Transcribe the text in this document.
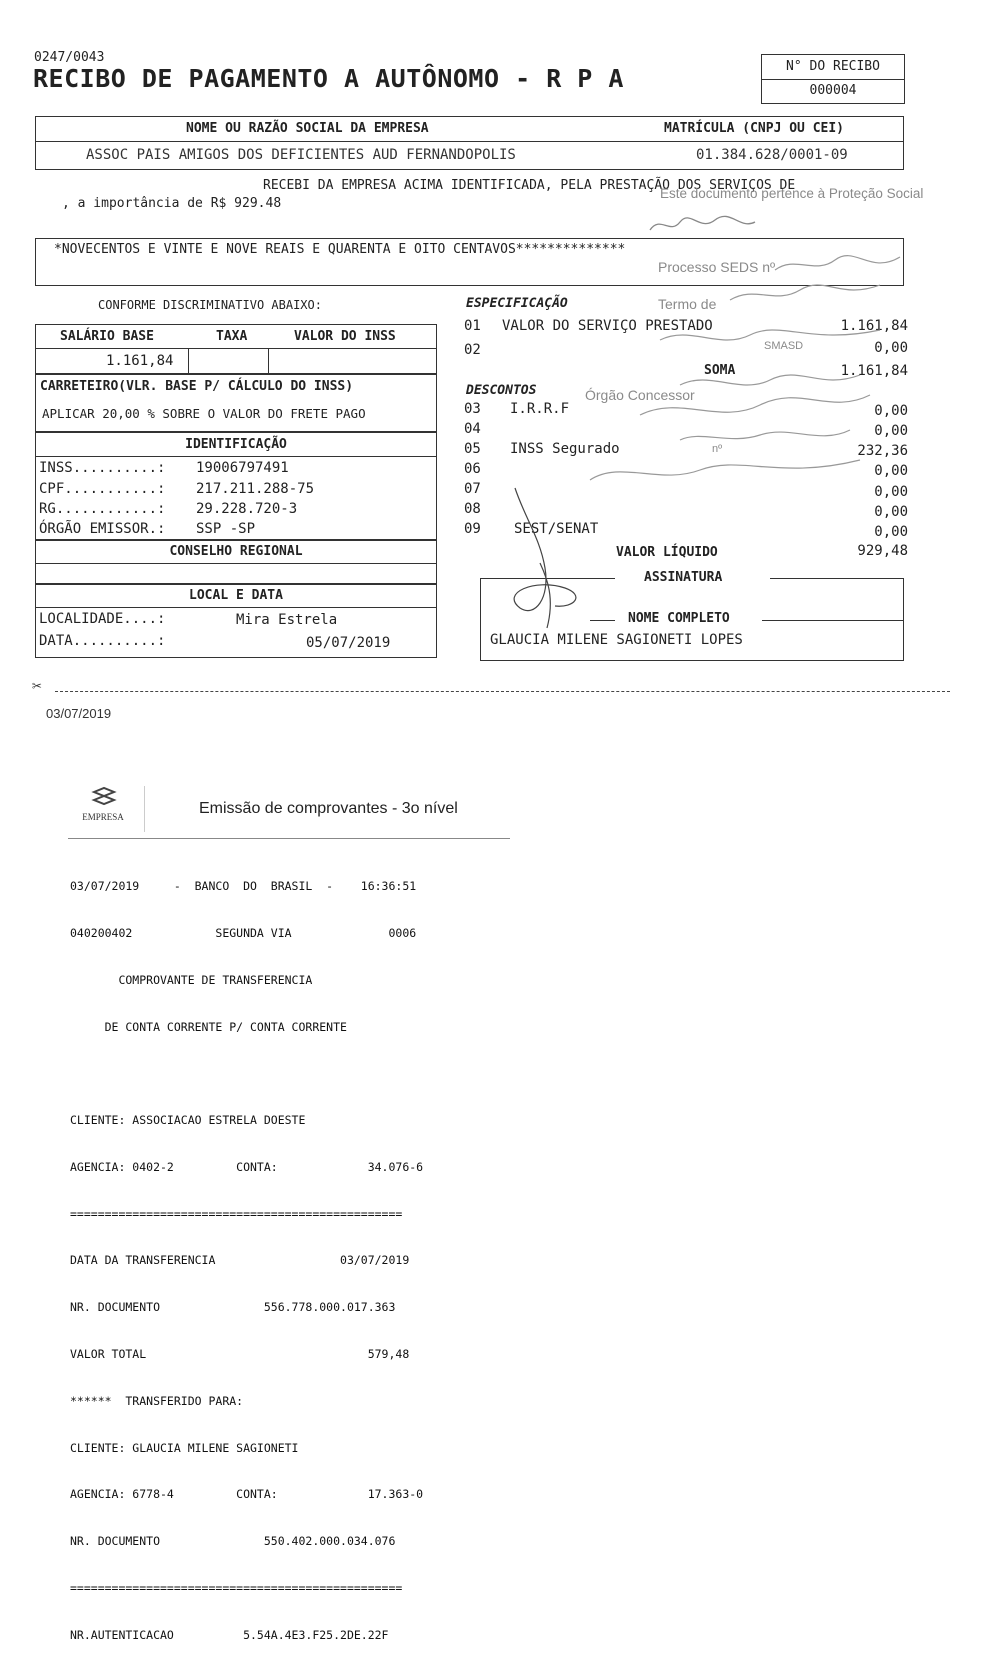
0247/0043
RECIBO DE PAGAMENTO A AUTÔNOMO - R P A	N° DO RECIBO
000004
NOME OU RAZÃO SOCIAL DA EMPRESA	MATRÍCULA (CNPJ OU CEI)
ASSOC PAIS AMIGOS DOS DEFICIENTES AUD FERNANDOPOLIS	01.384.628/0001-09
RECEBI DA EMPRESA ACIMA IDENTIFICADA, PELA PRESTAÇÃO DOS SERVIÇOS DE
, a importância de R$ 929.48
Este documento pertence à Proteção Social
*NOVECENTOS E VINTE E NOVE REAIS E QUARENTA E OITO CENTAVOS**************
Processo SEDS nº
CONFORME DISCRIMINATIVO ABAIXO:
SALÁRIO BASE	TAXA	VALOR DO INSS
1.161,84
CARRETEIRO(VLR. BASE P/ CÁLCULO DO INSS)
APLICAR 20,00 % SOBRE O VALOR DO FRETE PAGO
IDENTIFICAÇÃO
INSS..........: 19006797491
CPF...........: 217.211.288-75
RG............: 29.228.720-3
ÓRGÃO EMISSOR.: SSP -SP
CONSELHO REGIONAL
LOCAL E DATA
LOCALIDADE....:	Mira Estrela
DATA..........:	05/07/2019
ESPECIFICAÇÃO	Termo de
01 VALOR DO SERVIÇO PRESTADO	1.161,84
02	0,00
SMASD
SOMA	1.161,84
DESCONTOS	Órgão Concessor
03 I.R.R.F	0,00
04	0,00
05 INSS Segurado	nº	232,36
06	0,00
07	0,00
08	0,00
09 SEST/SENAT	0,00
VALOR LÍQUIDO	929,48
ASSINATURA
NOME COMPLETO
GLAUCIA MILENE SAGIONETI LOPES
✂
03/07/2019
EMPRESA	Emissão de comprovantes - 3o nível

03/07/2019     -  BANCO  DO  BRASIL  -    16:36:51

040200402            SEGUNDA VIA              0006

COMPROVANTE DE TRANSFERENCIA

DE CONTA CORRENTE P/ CONTA CORRENTE

CLIENTE: ASSOCIACAO ESTRELA DOESTE

AGENCIA: 0402-2         CONTA:             34.076-6

================================================

DATA DA TRANSFERENCIA                  03/07/2019

NR. DOCUMENTO               556.778.000.017.363

VALOR TOTAL                                579,48

******  TRANSFERIDO PARA:

CLIENTE: GLAUCIA MILENE SAGIONETI

AGENCIA: 6778-4         CONTA:             17.363-0

NR. DOCUMENTO               550.402.000.034.076

================================================

NR.AUTENTICACAO          5.54A.4E3.F25.2DE.22F
